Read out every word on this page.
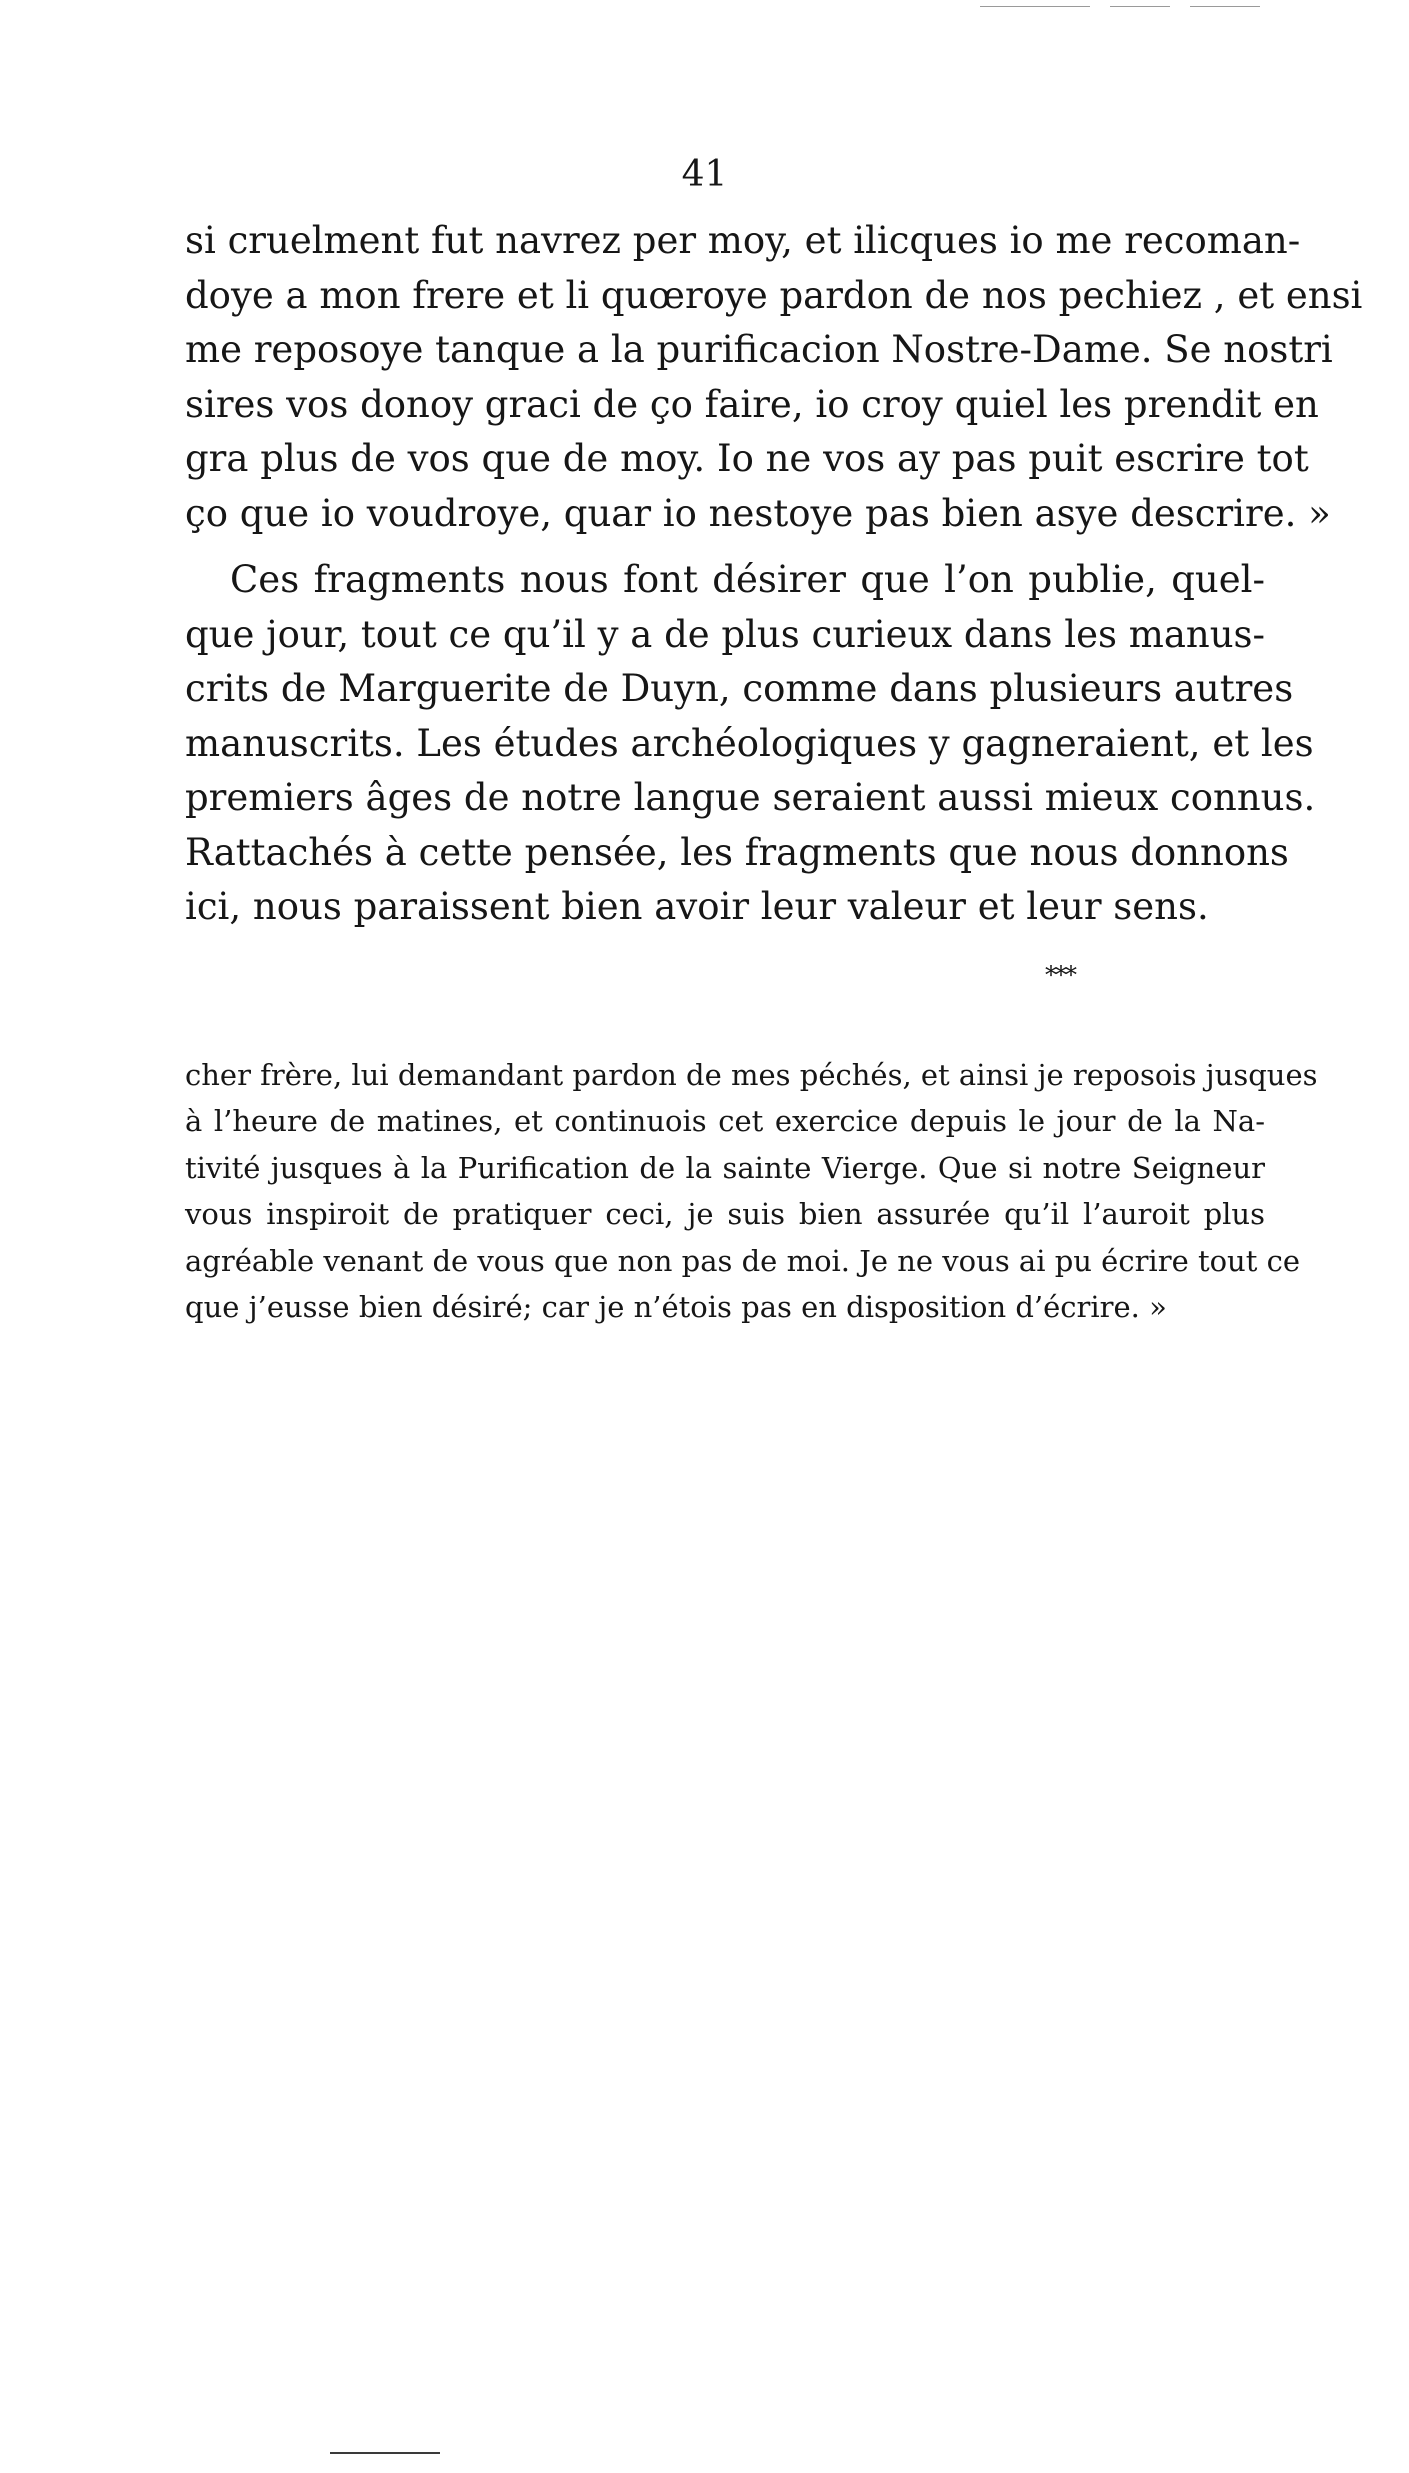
41
si cruelment fut navrez per moy, et ilicques io me recoman-
doye a mon frere et li quœroye pardon de nos pechiez , et ensi
me reposoye tanque a la purificacion Nostre-Dame. Se nostri
sires vos donoy graci de ço faire, io croy quiel les prendit en
gra plus de vos que de moy. Io ne vos ay pas puit escrire tot
ço que io voudroye, quar io nestoye pas bien asye descrire. »
Ces fragments nous font désirer que l’on publie, quel-
que jour, tout ce qu’il y a de plus curieux dans les manus-
crits de Marguerite de Duyn, comme dans plusieurs autres
manuscrits. Les études archéologiques y gagneraient, et les
premiers âges de notre langue seraient aussi mieux connus.
Rattachés à cette pensée, les fragments que nous donnons
ici, nous paraissent bien avoir leur valeur et leur sens.
***
cher frère, lui demandant pardon de mes péchés, et ainsi je reposois jusques
à l’heure de matines, et continuois cet exercice depuis le jour de la Na-
tivité jusques à la Purification de la sainte Vierge. Que si notre Seigneur
vous inspiroit de pratiquer ceci, je suis bien assurée qu’il l’auroit plus
agréable venant de vous que non pas de moi. Je ne vous ai pu écrire tout ce
que j’eusse bien désiré; car je n’étois pas en disposition d’écrire. »
